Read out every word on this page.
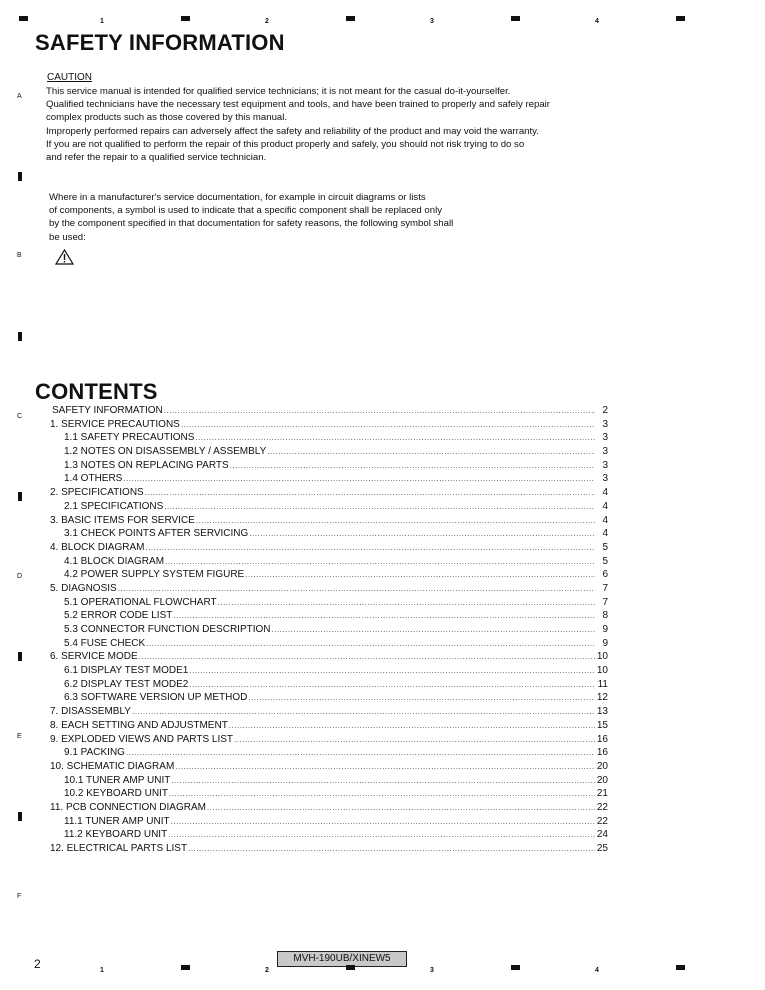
1	2	3	4
A
B
C
D
E
F
SAFETY INFORMATION
CAUTION
This service manual is intended for qualified service technicians; it is not meant for the casual do-it-yourselfer.
Qualified technicians have the necessary test equipment and tools, and have been trained to properly and safely repair
complex products such as those covered by this manual.
Improperly performed repairs can adversely affect the safety and reliability of the product and may void the warranty.
If you are not qualified to perform the repair of this product properly and safely, you should not risk trying to do so
and refer the repair to a qualified service technician.
Where in a manufacturer's service documentation, for example in circuit diagrams or lists
of components, a symbol is used to indicate that a specific component shall be replaced only
by the component specified in that documentation for safety reasons, the following symbol shall
be used:
CONTENTS
SAFETY INFORMATION .....	2
1. SERVICE PRECAUTIONS .....	3
1.1 SAFETY PRECAUTIONS .....	3
1.2 NOTES ON DISASSEMBLY / ASSEMBLY .....	3
1.3 NOTES ON REPLACING PARTS .....	3
1.4 OTHERS .....	3
2. SPECIFICATIONS .....	4
2.1 SPECIFICATIONS .....	4
3. BASIC ITEMS FOR SERVICE .....	4
3.1 CHECK POINTS AFTER SERVICING .....	4
4. BLOCK DIAGRAM .....	5
4.1 BLOCK DIAGRAM .....	5
4.2 POWER SUPPLY SYSTEM FIGURE .....	6
5. DIAGNOSIS .....	7
5.1 OPERATIONAL FLOWCHART .....	7
5.2 ERROR CODE LIST .....	8
5.3 CONNECTOR FUNCTION DESCRIPTION .....	9
5.4 FUSE CHECK .....	9
6. SERVICE MODE .....	10
6.1 DISPLAY TEST MODE1 .....	10
6.2 DISPLAY TEST MODE2 .....	11
6.3 SOFTWARE VERSION UP METHOD .....	12
7. DISASSEMBLY .....	13
8. EACH SETTING AND ADJUSTMENT .....	15
9. EXPLODED VIEWS AND PARTS LIST .....	16
9.1 PACKING .....	16
10. SCHEMATIC DIAGRAM .....	20
10.1 TUNER AMP UNIT .....	20
10.2 KEYBOARD UNIT .....	21
11. PCB CONNECTION DIAGRAM .....	22
11.1 TUNER AMP UNIT .....	22
11.2 KEYBOARD UNIT .....	24
12. ELECTRICAL PARTS LIST .....	25
2	MVH-190UB/XINEW5
1	2	3	4
